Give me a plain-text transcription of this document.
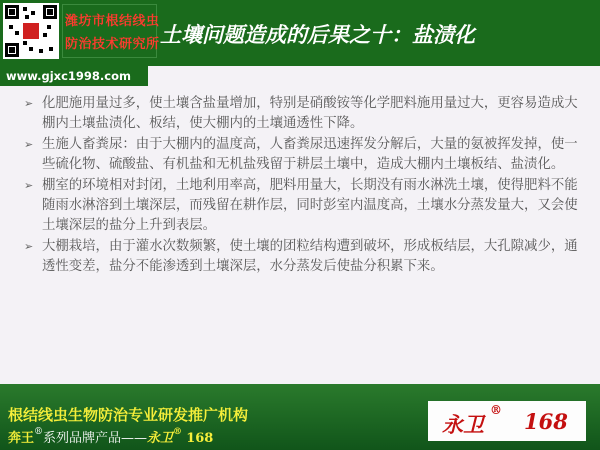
潍坊市根结线虫
防治技术研究所 土壤问题造成的后果之十：盐渍化
www.gjxc1998.com
➢ 化肥施用量过多，使土壤含盐量增加，特别是硝酸铵等化学肥料施用量过大，更容易造成大棚内土壤盐渍化、板结，使大棚内的土壤通透性下降。
➢ 生施人畜粪尿：由于大棚内的温度高，人畜粪尿迅速挥发分解后，大量的氨被挥发掉，使一些硫化物、硫酸盐、有机盐和无机盐残留于耕层土壤中，造成大棚内土壤板结、盐渍化。
➢ 棚室的环境相对封闭，土地利用率高，肥料用量大，长期没有雨水淋洗土壤，使得肥料不能随雨水淋溶到土壤深层，而残留在耕作层，同时彭室内温度高，土壤水分蒸发量大，又会使土壤深层的盐分上升到表层。
➢ 大棚栽培，由于灌水次数频繁，使土壤的团粒结构遭到破坏，形成板结层，大孔隙减少，通透性变差，盐分不能渗透到土壤深层，水分蒸发后使盐分积累下来。
根结线虫生物防治专业研发推广机构
奔王®系列品牌产品——永卫® 168
永卫
® 168
